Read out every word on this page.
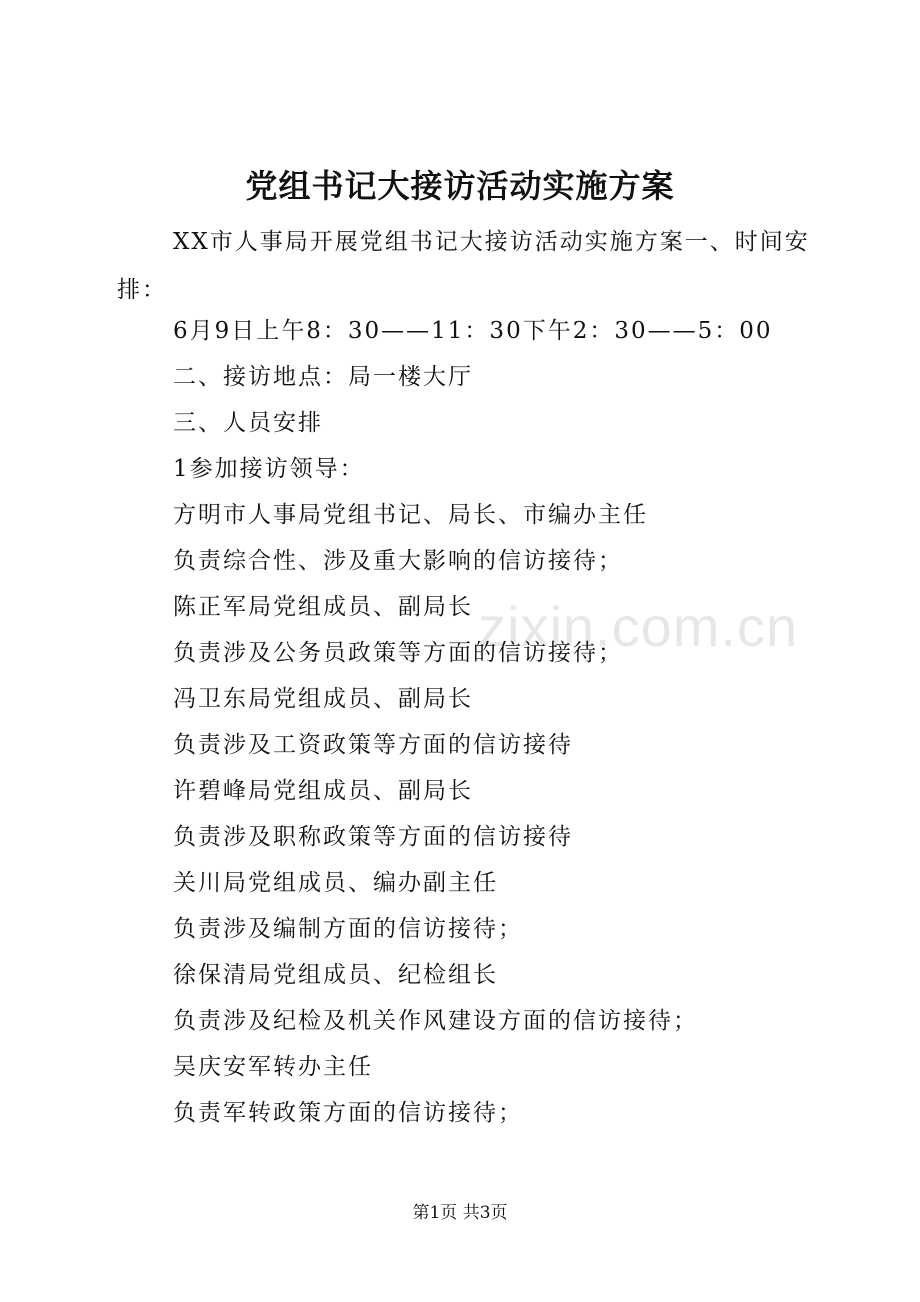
党组书记大接访活动实施方案

XX市人事局开展党组书记大接访活动实施方案一、时间安排：

6月9日上午8：30——11：30下午2：30——5：00
二、接访地点：局一楼大厅
三、人员安排
1参加接访领导：
方明市人事局党组书记、局长、市编办主任
负责综合性、涉及重大影响的信访接待；
陈正军局党组成员、副局长
负责涉及公务员政策等方面的信访接待；
冯卫东局党组成员、副局长
负责涉及工资政策等方面的信访接待
许碧峰局党组成员、副局长
负责涉及职称政策等方面的信访接待
关川局党组成员、编办副主任
负责涉及编制方面的信访接待；
徐保清局党组成员、纪检组长
负责涉及纪检及机关作风建设方面的信访接待；
吴庆安军转办主任
负责军转政策方面的信访接待；
zixin.com.cn
第1页 共3页
